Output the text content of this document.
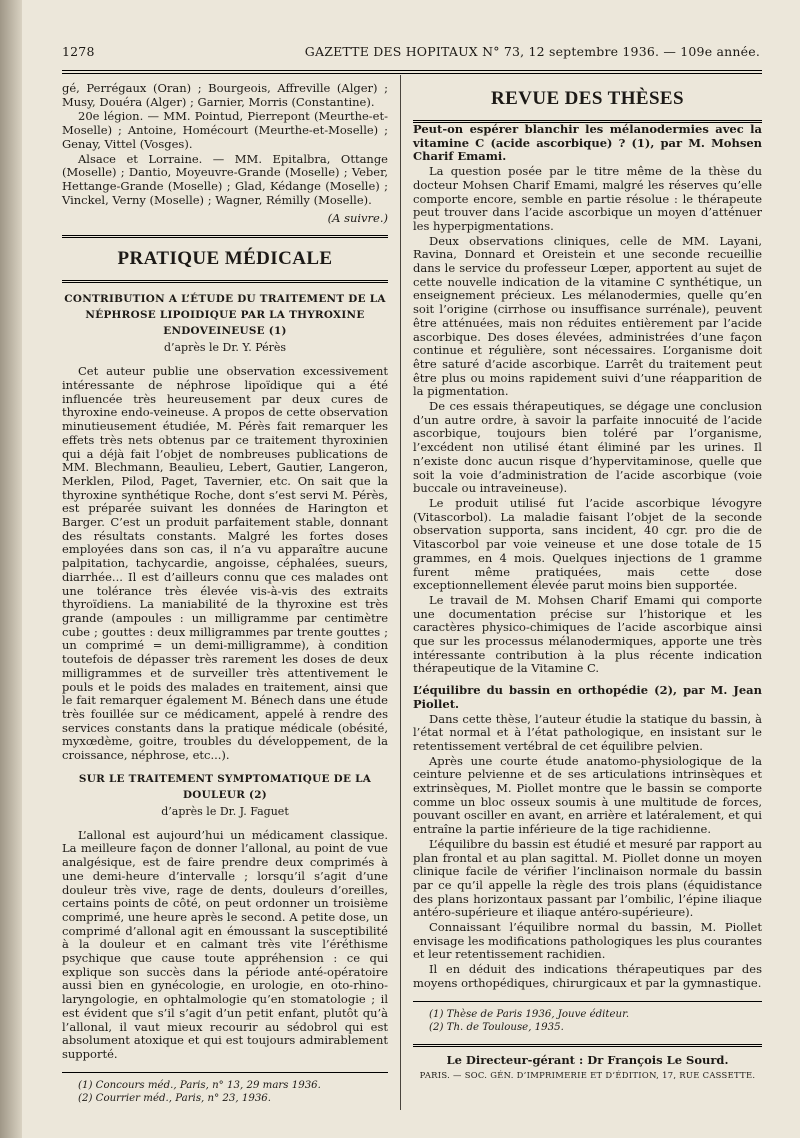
1278	GAZETTE DES HOPITAUX N° 73, 12 septembre 1936. — 109e année.

gé, Perrégaux (Oran) ; Bourgeois, Affreville (Alger) ; Musy, Douéra (Alger) ; Garnier, Morris (Constantine).

20e légion. — MM. Pointud, Pierrepont (Meurthe-et-Moselle) ; Antoine, Homécourt (Meurthe-et-Moselle) ; Genay, Vittel (Vosges).

Alsace et Lorraine. — MM. Epitalbra, Ottange (Moselle) ; Dantio, Moyeuvre-Grande (Moselle) ; Veber, Hettange-Grande (Moselle) ; Glad, Kédange (Moselle) ; Vinckel, Verny (Moselle) ; Wagner, Rémilly (Moselle).

(A suivre.)
PRATIQUE MÉDICALE
CONTRIBUTION A L’ÉTUDE DU TRAITEMENT DE LA NÉPHROSE LIPOIDIQUE PAR LA THYROXINE ENDOVEINEUSE (1)
d’après le Dr. Y. Pérès

Cet auteur publie une observation excessivement intéressante de néphrose lipoïdique qui a été influencée très heureusement par deux cures de thyroxine endo-veineuse. A propos de cette observation minutieusement étudiée, M. Pérès fait remarquer les effets très nets obtenus par ce traitement thyroxinien qui a déjà fait l’objet de nombreuses publications de MM. Blechmann, Beaulieu, Lebert, Gautier, Langeron, Merklen, Pilod, Paget, Tavernier, etc. On sait que la thyroxine synthétique Roche, dont s’est servi M. Pérès, est préparée suivant les données de Harington et Barger. C’est un produit parfaitement stable, donnant des résultats constants. Malgré les fortes doses employées dans son cas, il n’a vu apparaître aucune palpitation, tachycardie, angoisse, céphalées, sueurs, diarrhée... Il est d’ailleurs connu que ces malades ont une tolérance très élevée vis-à-vis des extraits thyroïdiens. La maniabilité de la thyroxine est très grande (ampoules : un milligramme par centimètre cube ; gouttes : deux milligrammes par trente gouttes ; un comprimé = un demi-milligramme), à condition toutefois de dépasser très rarement les doses de deux milligrammes et de surveiller très attentivement le pouls et le poids des malades en traitement, ainsi que le fait remarquer également M. Bénech dans une étude très fouillée sur ce médicament, appelé à rendre des services constants dans la pratique médicale (obésité, myxœdème, goitre, troubles du développement, de la croissance, néphrose, etc...).

SUR LE TRAITEMENT SYMPTOMATIQUE DE LA DOULEUR (2)
d’après le Dr. J. Faguet

L’allonal est aujourd’hui un médicament classique. La meilleure façon de donner l’allonal, au point de vue analgésique, est de faire prendre deux comprimés à une demi-heure d’intervalle ; lorsqu’il s’agit d’une douleur très vive, rage de dents, douleurs d’oreilles, certains points de côté, on peut ordonner un troisième comprimé, une heure après le second. A petite dose, un comprimé d’allonal agit en émoussant la susceptibilité à la douleur et en calmant très vite l’éréthisme psychique que cause toute appréhension : ce qui explique son succès dans la période anté-opératoire aussi bien en gynécologie, en urologie, en oto-rhino-laryngologie, en ophtalmologie qu’en stomatologie ; il est évident que s’il s’agit d’un petit enfant, plutôt qu’à l’allonal, il vaut mieux recourir au sédobrol qui est absolument atoxique et qui est toujours admirablement supporté.

(1) Concours méd., Paris, n° 13, 29 mars 1936.

(2) Courrier méd., Paris, n° 23, 1936.

REVUE DES THÈSES

Peut-on espérer blanchir les mélanodermies avec la vitamine C (acide ascorbique) ? (1), par M. Mohsen Charif Emami.

La question posée par le titre même de la thèse du docteur Mohsen Charif Emami, malgré les réserves qu’elle comporte encore, semble en partie résolue : le thérapeute peut trouver dans l’acide ascorbique un moyen d’atténuer les hyperpigmentations.

Deux observations cliniques, celle de MM. Layani, Ravina, Donnard et Oreistein et une seconde recueillie dans le service du professeur Lœper, apportent au sujet de cette nouvelle indication de la vitamine C synthétique, un enseignement précieux. Les mélanodermies, quelle qu’en soit l’origine (cirrhose ou insuffisance surrénale), peuvent être atténuées, mais non réduites entièrement par l’acide ascorbique. Des doses élevées, administrées d’une façon continue et régulière, sont nécessaires. L’organisme doit être saturé d’acide ascorbique. L’arrêt du traitement peut être plus ou moins rapidement suivi d’une réapparition de la pigmentation.

De ces essais thérapeutiques, se dégage une conclusion d’un autre ordre, à savoir la parfaite innocuité de l’acide ascorbique, toujours bien toléré par l’organisme, l’excédent non utilisé étant éliminé par les urines. Il n’existe donc aucun risque d’hypervitaminose, quelle que soit la voie d’administration de l’acide ascorbique (voie buccale ou intraveineuse).

Le produit utilisé fut l’acide ascorbique lévogyre (Vitascorbol). La maladie faisant l’objet de la seconde observation supporta, sans incident, 40 cgr. pro die de Vitascorbol par voie veineuse et une dose totale de 15 grammes, en 4 mois. Quelques injections de 1 gramme furent même pratiquées, mais cette dose exceptionnellement élevée parut moins bien supportée.

Le travail de M. Mohsen Charif Emami qui comporte une documentation précise sur l’historique et les caractères physico-chimiques de l’acide ascorbique ainsi que sur les processus mélanodermiques, apporte une très intéressante contribution à la plus récente indication thérapeutique de la Vitamine C.

L’équilibre du bassin en orthopédie (2), par M. Jean Piollet.

Dans cette thèse, l’auteur étudie la statique du bassin, à l’état normal et à l’état pathologique, en insistant sur le retentissement vertébral de cet équilibre pelvien.

Après une courte étude anatomo-physiologique de la ceinture pelvienne et de ses articulations intrinsèques et extrinsèques, M. Piollet montre que le bassin se comporte comme un bloc osseux soumis à une multitude de forces, pouvant osciller en avant, en arrière et latéralement, et qui entraîne la partie inférieure de la tige rachidienne.

L’équilibre du bassin est étudié et mesuré par rapport au plan frontal et au plan sagittal. M. Piollet donne un moyen clinique facile de vérifier l’inclinaison normale du bassin par ce qu’il appelle la règle des trois plans (équidistance des plans horizontaux passant par l’ombilic, l’épine iliaque antéro-supérieure et iliaque antéro-supérieure).

Connaissant l’équilibre normal du bassin, M. Piollet envisage les modifications pathologiques les plus courantes et leur retentissement rachidien.

Il en déduit des indications thérapeutiques par des moyens orthopédiques, chirurgicaux et par la gymnastique.

(1) Thèse de Paris 1936, Jouve éditeur.

(2) Th. de Toulouse, 1935.

Le Directeur-gérant : Dr François Le Sourd.
PARIS. — SOC. GÉN. D’IMPRIMERIE ET D’ÉDITION, 17, RUE CASSETTE.
